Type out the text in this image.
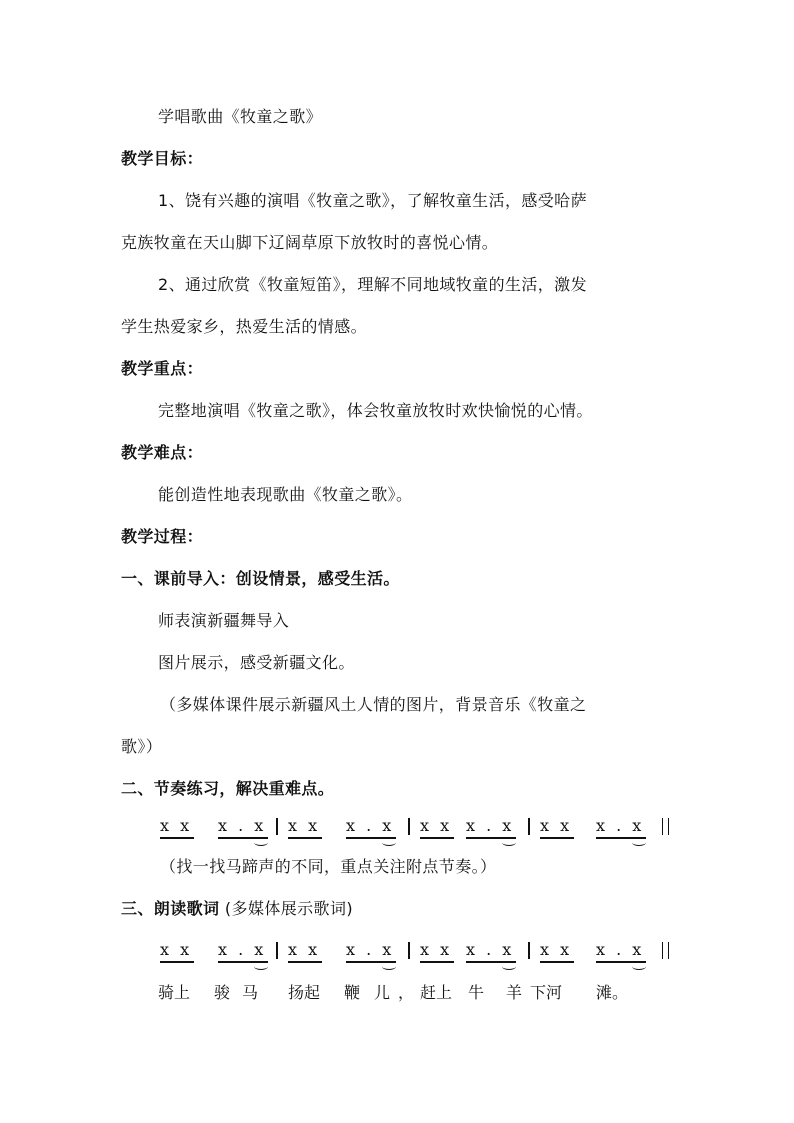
学唱歌曲《牧童之歌》
教学目标：
1、饶有兴趣的演唱《牧童之歌》，了解牧童生活，感受哈萨
克族牧童在天山脚下辽阔草原下放牧时的喜悦心情。
2、通过欣赏《牧童短笛》，理解不同地域牧童的生活，激发
学生热爱家乡，热爱生活的情感。
教学重点：
完整地演唱《牧童之歌》，体会牧童放牧时欢快愉悦的心情。
教学难点：
能创造性地表现歌曲《牧童之歌》。
教学过程：
一、课前导入：创设情景，感受生活。
师表演新疆舞导入
图片展示，感受新疆文化。
（多媒体课件展示新疆风土人情的图片，背景音乐《牧童之
歌》）
二、节奏练习，解决重难点。
x x x . x x x x . x x x x . x x x x . x
（找一找马蹄声的不同，重点关注附点节奏。）
三、朗读歌词 (多媒体展示歌词)
x x x . x x x x . x x x x . x x x x . x
骑上 骏 马 扬起 鞭 儿 ， 赶上 牛 羊 下河 滩。
